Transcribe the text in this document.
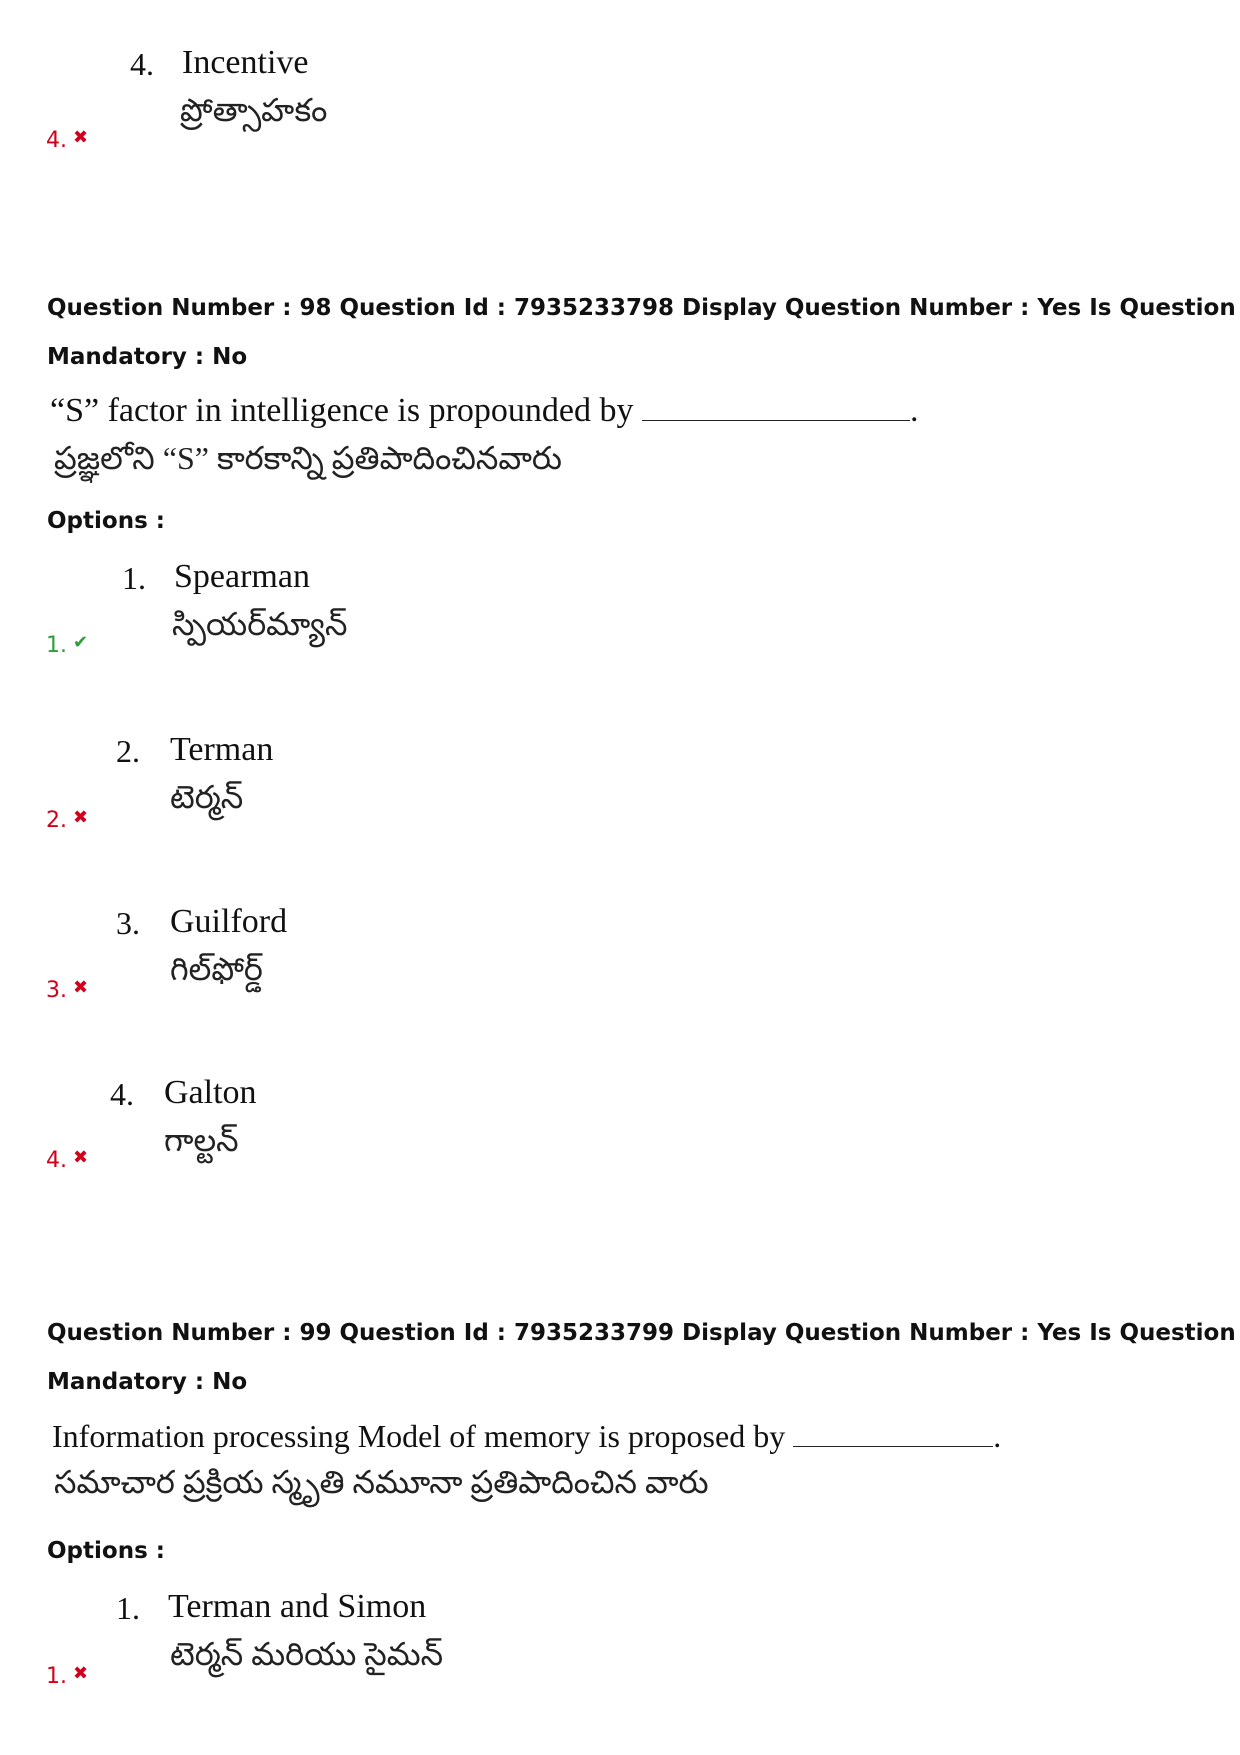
4. Incentive
ప్రోత్సాహకం
4. ✖
Question Number : 98 Question Id : 7935233798 Display Question Number : Yes Is Question
Mandatory : No
“S” factor in intelligence is propounded by	.
ప్రజ్ఞలోని “S” కారకాన్ని ప్రతిపాదించినవారు
Options :
1. Spearman
స్పియర్‌మ్యాన్
1. ✔
2. Terman
టెర్మన్
2. ✖
3. Guilford
గిల్‌ఫోర్డ్
3. ✖
4. Galton
గాల్టన్
4. ✖
Question Number : 99 Question Id : 7935233799 Display Question Number : Yes Is Question
Mandatory : No
Information processing Model of memory is proposed by	.
సమాచార ప్రక్రియ స్మృతి నమూనా ప్రతిపాదించిన వారు
Options :
1. Terman and Simon
టెర్మన్ మరియు సైమన్
1. ✖
